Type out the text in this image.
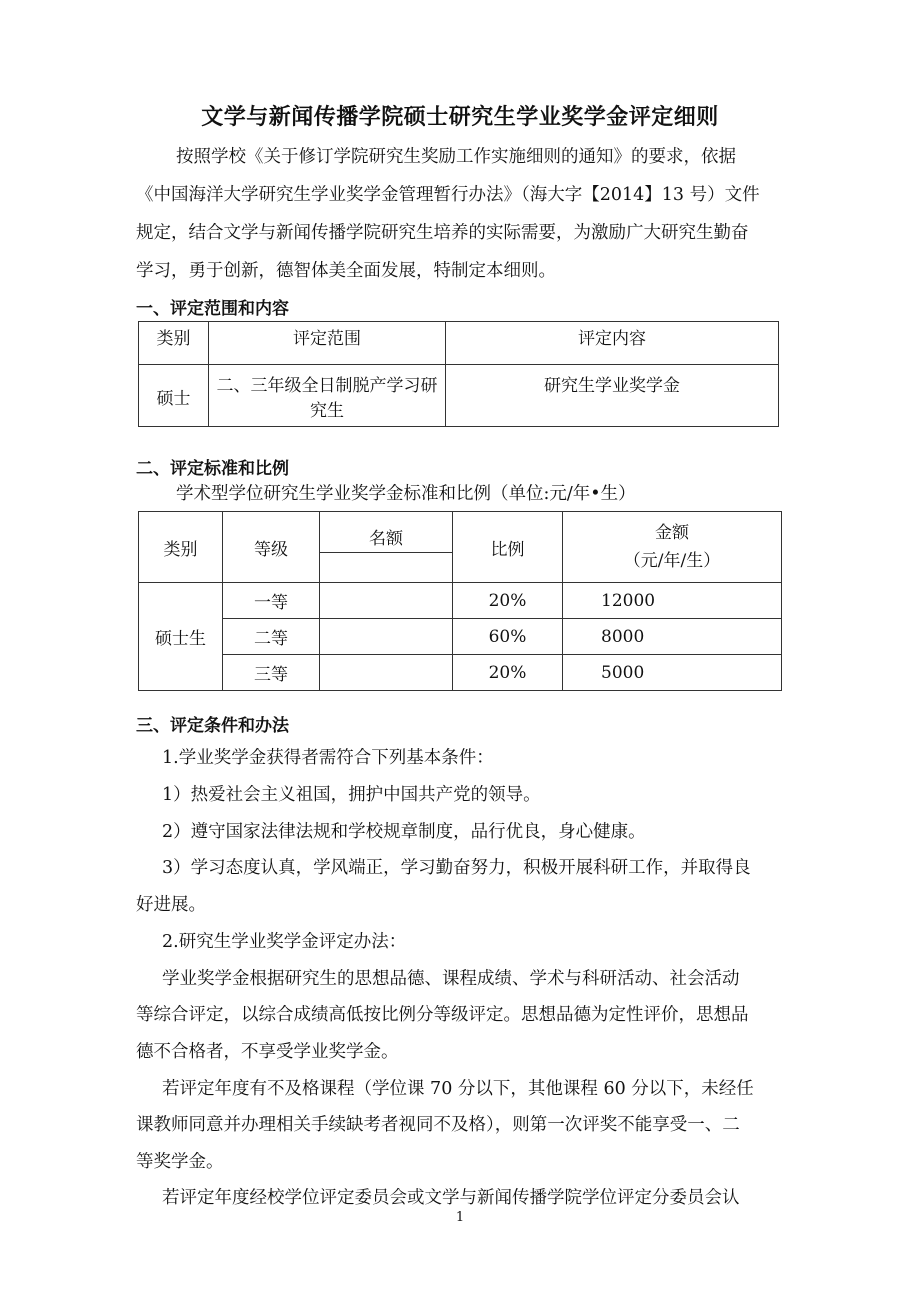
文学与新闻传播学院硕士研究生学业奖学金评定细则
按照学校《关于修订学院研究生奖励工作实施细则的通知》的要求，依据
《中国海洋大学研究生学业奖学金管理暂行办法》（海大字【2014】13 号）文件
规定，结合文学与新闻传播学院研究生培养的实际需要，为激励广大研究生勤奋
学习，勇于创新，德智体美全面发展，特制定本细则。
一、评定范围和内容
类别	评定范围	评定内容
硕士	二、三年级全日制脱产学习研究生	研究生学业奖学金
二、评定标准和比例
学术型学位研究生学业奖学金标准和比例（单位:元/年•生）
类别	等级	名额	比例	金额
（元/年/生）

硕士生	一等		20%	12000
	二等		60%	8000
	三等		20%	5000
三、评定条件和办法
1.学业奖学金获得者需符合下列基本条件：
1）热爱社会主义祖国，拥护中国共产党的领导。
2）遵守国家法律法规和学校规章制度，品行优良，身心健康。
3）学习态度认真，学风端正，学习勤奋努力，积极开展科研工作，并取得良
好进展。
2.研究生学业奖学金评定办法：
学业奖学金根据研究生的思想品德、课程成绩、学术与科研活动、社会活动
等综合评定，以综合成绩高低按比例分等级评定。思想品德为定性评价，思想品
德不合格者，不享受学业奖学金。
若评定年度有不及格课程（学位课 70 分以下，其他课程 60 分以下，未经任
课教师同意并办理相关手续缺考者视同不及格），则第一次评奖不能享受一、二
等奖学金。
若评定年度经校学位评定委员会或文学与新闻传播学院学位评定分委员会认
1
